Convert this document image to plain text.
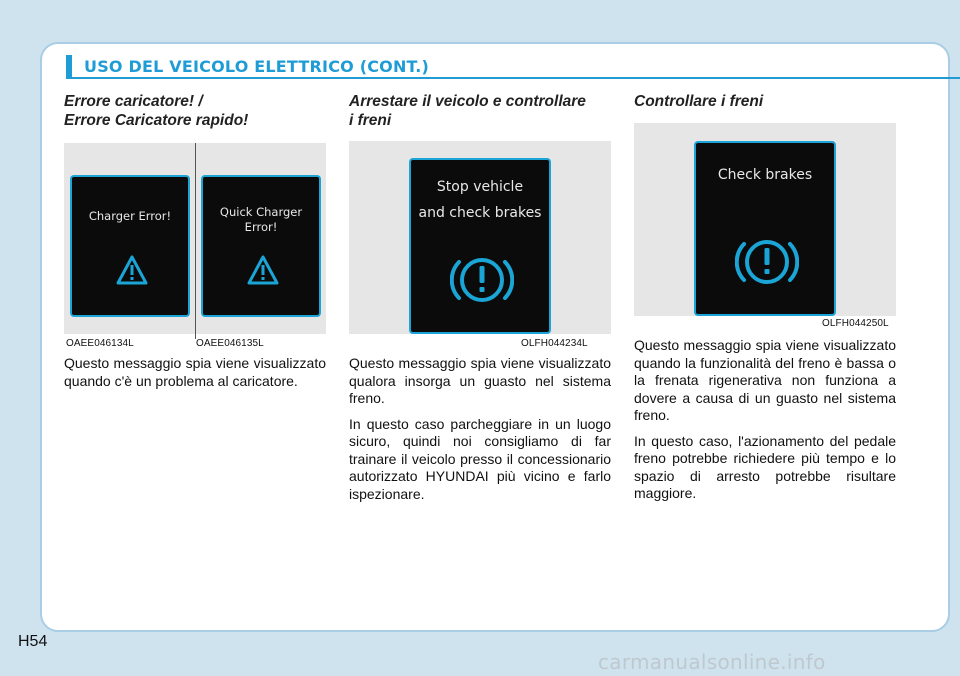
USO DEL VEICOLO ELETTRICO (CONT.)
Errore caricatore! /
Errore Caricatore rapido!
Charger Error!	Quick Charger
Error!
OAEE046134L	OAEE046135L

Questo messaggio spia viene visualizzato quando c'è un problema al caricatore.

Arrestare il veicolo e controllare
i freni
Stop vehicle
and check brakes
OLFH044234L

Questo messaggio spia viene visualizzato qualora insorga un guasto nel sistema freno.

In questo caso parcheggiare in un luogo sicuro, quindi noi consigliamo di far trainare il veicolo presso il concessionario autorizzato HYUNDAI più vicino e farlo ispezionare.

Controllare i freni
Check brakes
OLFH044250L

Questo messaggio spia viene visualizzato quando la funzionalità del freno è bassa o la frenata rigenerativa non funziona a dovere a causa di un guasto nel sistema freno.

In questo caso, l'azionamento del pedale freno potrebbe richiedere più tempo e lo spazio di arresto potrebbe risultare maggiore.

H54
carmanualsonline.info
